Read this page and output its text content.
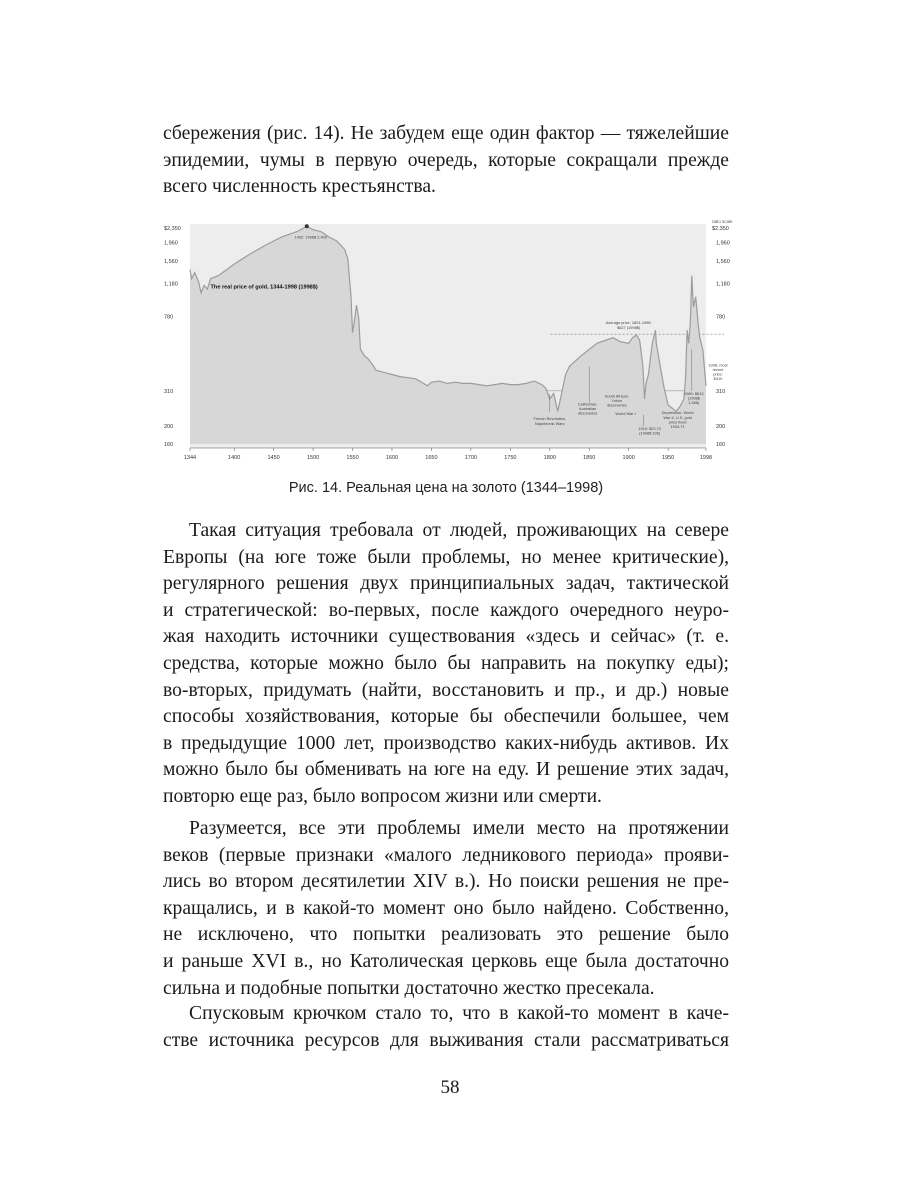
сбережения (рис. 14). Не забудем еще один фактор — тяжелейшие
эпидемии, чумы в первую очередь, которые сокращали прежде
всего численность крестьянства.
$2,350
1,960
1,560
1,180
780
310
200
160
ratio scale
$2,350
1,960
1,560
1,180
780
310
200
160
1344	1400	1450	1500	1550	1600	1650	1700	1750	1800	1850	1900	1950	1998
The real price of gold, 1344-1998 (1998$)
1492: 1998$ 2,400
Average price, 1801-1998: $627 (1998$)
Californian, Australian discoveries
South African, Yukon discoveries
French Revolution, Napoleonic Wars
World War I	Depression, World War II, U.S. gold price fixed 1934-71
1919: $20.70 (1998$ 196)
1980: $613 (1998$ 1,568)
1998, most recent price: $310
Рис. 14. Реальная цена на золото (1344–1998)
Такая ситуация требовала от людей, проживающих на севере
Европы (на юге тоже были проблемы, но менее критические),
регулярного решения двух принципиальных задач, тактической
и стратегической: во-первых, после каждого очередного неуро-
жая находить источники существования «здесь и сейчас» (т. е.
средства, которые можно было бы направить на покупку еды);
во-вторых, придумать (найти, восстановить и пр., и др.) новые
способы хозяйствования, которые бы обеспечили большее, чем
в предыдущие 1000 лет, производство каких-нибудь активов. Их
можно было бы обменивать на юге на еду. И решение этих задач,
повторю еще раз, было вопросом жизни или смерти.
Разумеется, все эти проблемы имели место на протяжении
веков (первые признаки «малого ледникового периода» прояви-
лись во втором десятилетии XIV в.). Но поиски решения не пре-
кращались, и в какой-то момент оно было найдено. Собственно,
не исключено, что попытки реализовать это решение было
и раньше XVI в., но Католическая церковь еще была достаточно
сильна и подобные попытки достаточно жестко пресекала.
Спусковым крючком стало то, что в какой-то момент в каче-
стве источника ресурсов для выживания стали рассматриваться
58
